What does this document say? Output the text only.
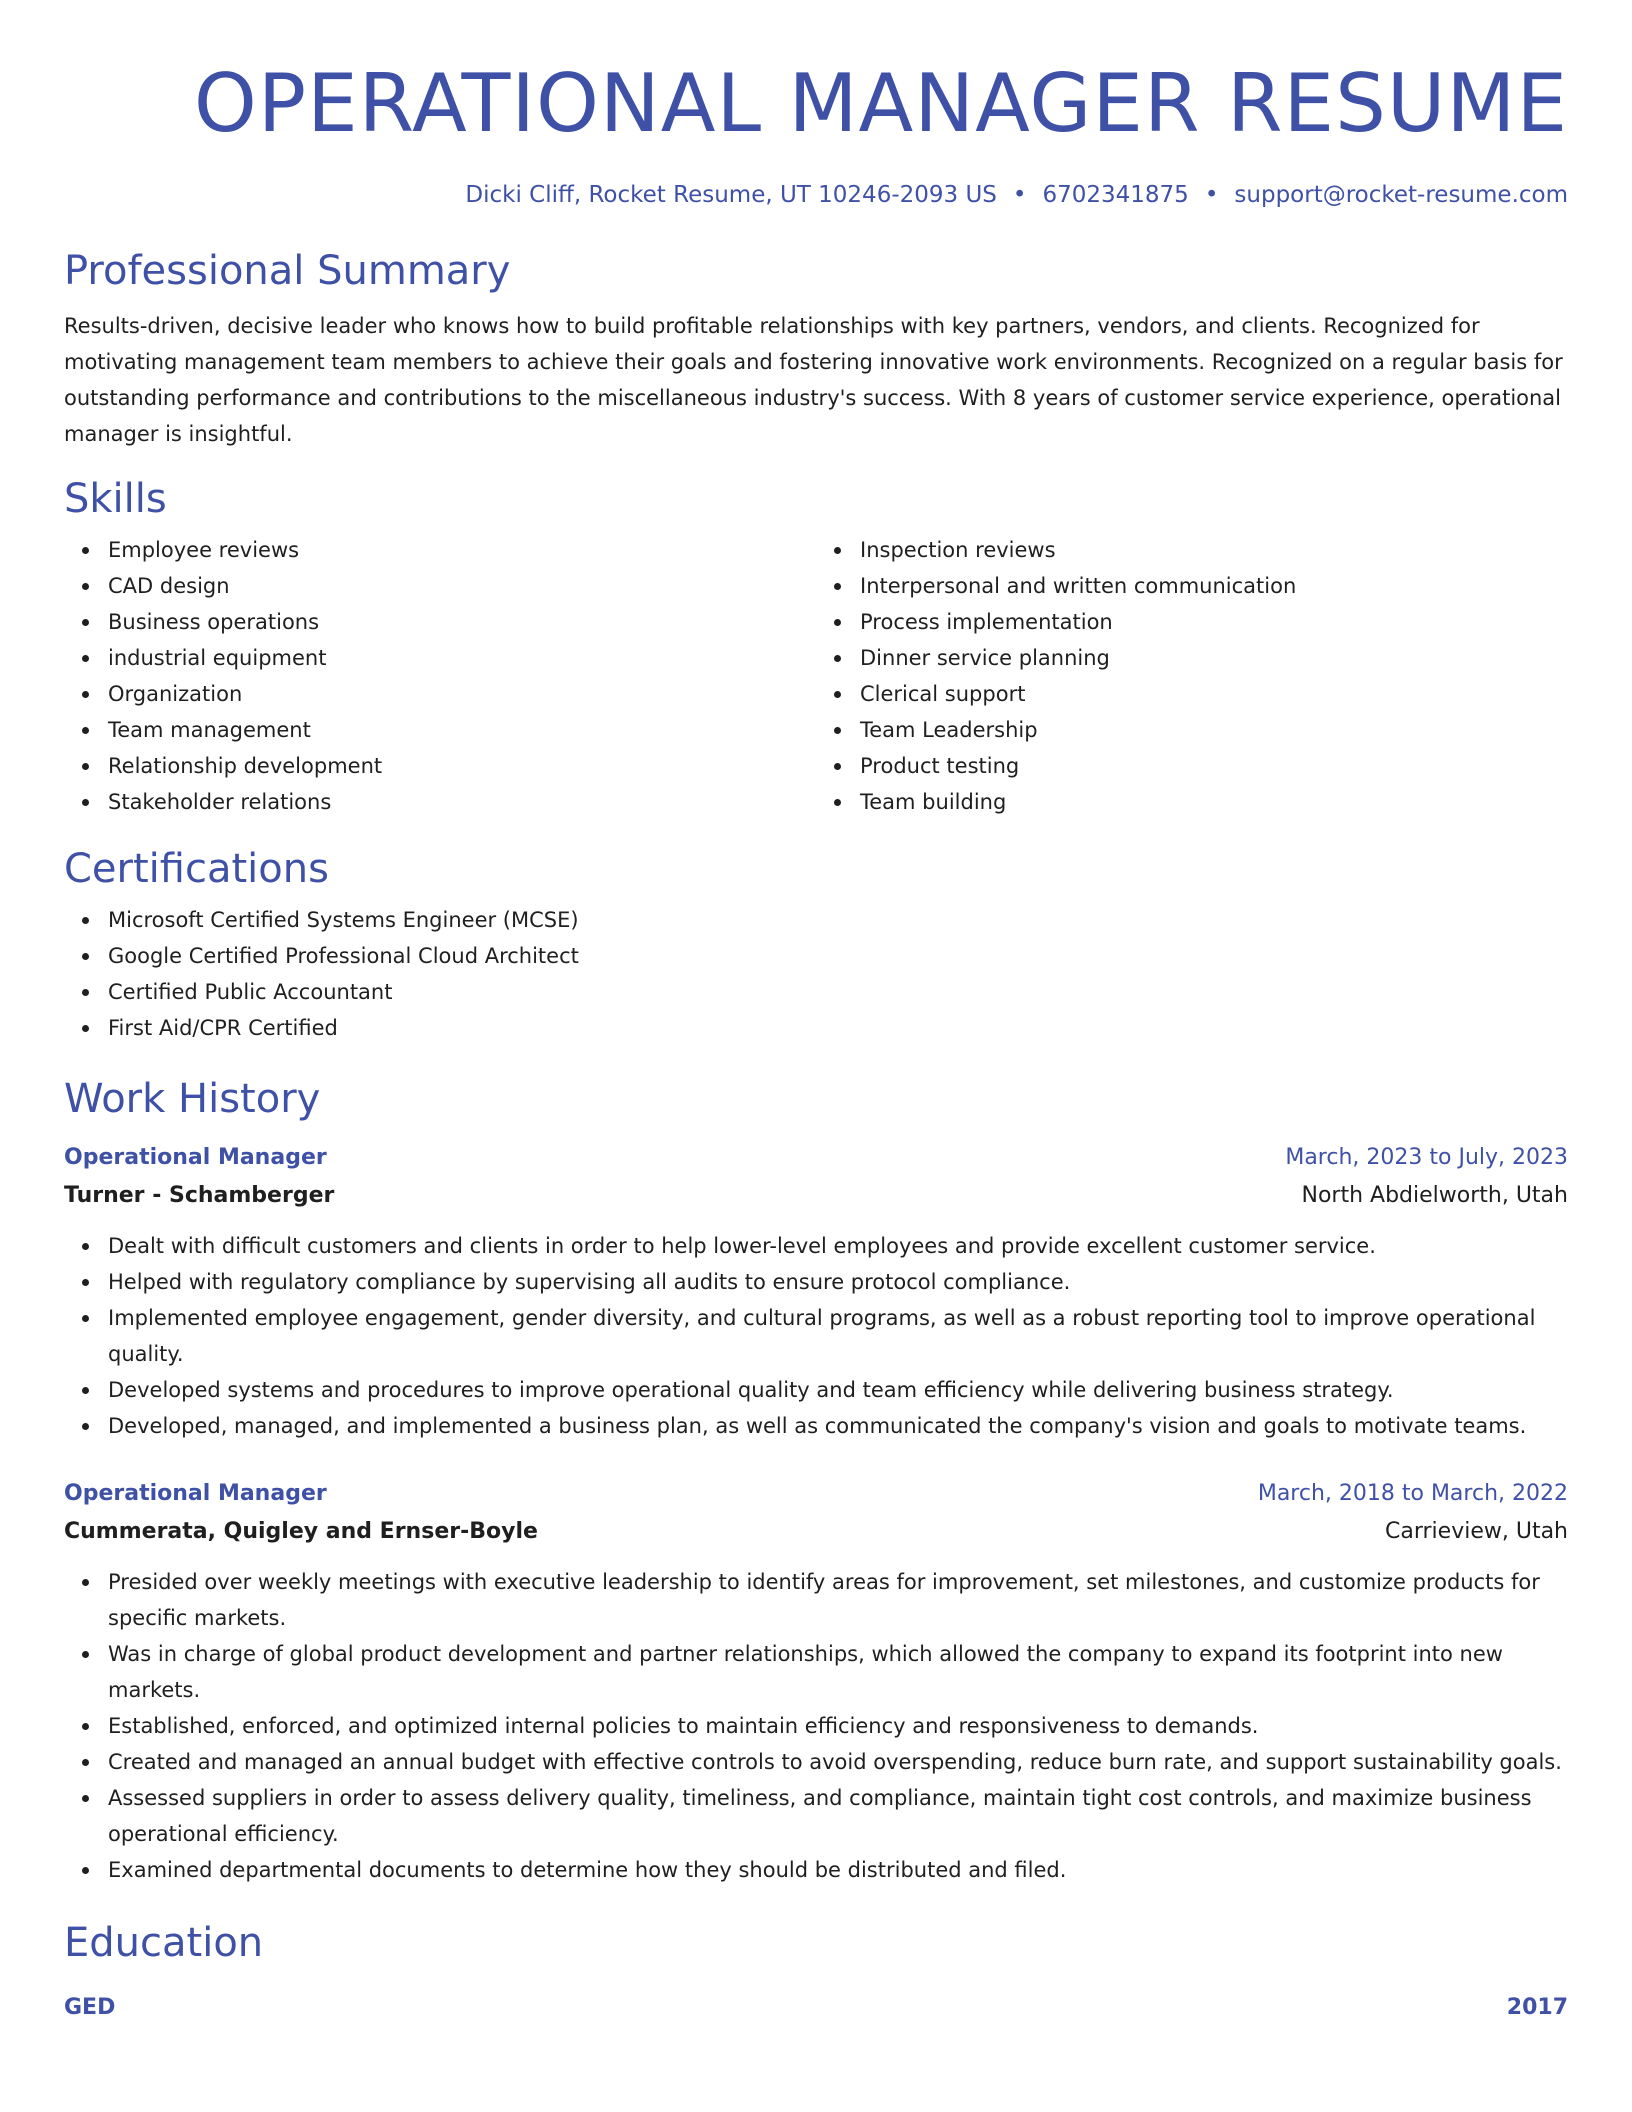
OPERATIONAL MANAGER RESUME
Dicki Cliff, Rocket Resume, UT 10246-2093 US • 6702341875 • support@rocket-resume.com
Professional Summary
Results-driven, decisive leader who knows how to build profitable relationships with key partners, vendors, and clients. Recognized for motivating management team members to achieve their goals and fostering innovative work environments. Recognized on a regular basis for outstanding performance and contributions to the miscellaneous industry's success. With 8 years of customer service experience, operational manager is insightful.
Skills
Employee reviews
CAD design
Business operations
industrial equipment
Organization
Team management
Relationship development
Stakeholder relations
Inspection reviews
Interpersonal and written communication
Process implementation
Dinner service planning
Clerical support
Team Leadership
Product testing
Team building
Certifications
Microsoft Certified Systems Engineer (MCSE)
Google Certified Professional Cloud Architect
Certified Public Accountant
First Aid/CPR Certified
Work History
Operational Manager	March, 2023 to July, 2023
Turner - Schamberger	North Abdielworth, Utah
Dealt with difficult customers and clients in order to help lower-level employees and provide excellent customer service.
Helped with regulatory compliance by supervising all audits to ensure protocol compliance.
Implemented employee engagement, gender diversity, and cultural programs, as well as a robust reporting tool to improve operational quality.
Developed systems and procedures to improve operational quality and team efficiency while delivering business strategy.
Developed, managed, and implemented a business plan, as well as communicated the company's vision and goals to motivate teams.
Operational Manager	March, 2018 to March, 2022
Cummerata, Quigley and Ernser-Boyle	Carrieview, Utah
Presided over weekly meetings with executive leadership to identify areas for improvement, set milestones, and customize products for specific markets.
Was in charge of global product development and partner relationships, which allowed the company to expand its footprint into new markets.
Established, enforced, and optimized internal policies to maintain efficiency and responsiveness to demands.
Created and managed an annual budget with effective controls to avoid overspending, reduce burn rate, and support sustainability goals.
Assessed suppliers in order to assess delivery quality, timeliness, and compliance, maintain tight cost controls, and maximize business operational efficiency.
Examined departmental documents to determine how they should be distributed and filed.
Education
GED	2017
